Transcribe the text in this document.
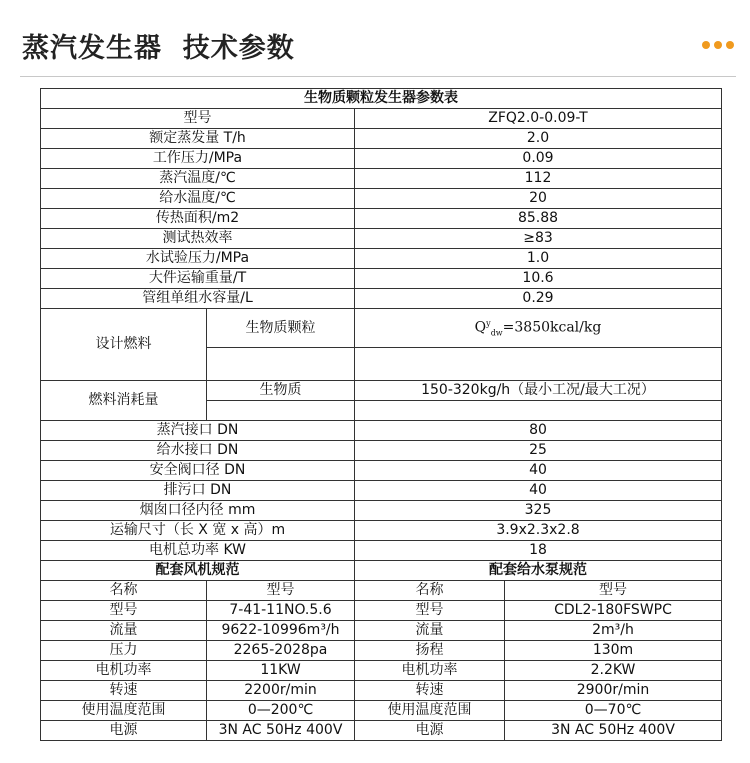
蒸汽发生器  技术参数
生物质颗粒发生器参数表			
型号		ZFQ2.0-0.09-T	
额定蒸发量 T/h		2.0	
工作压力/MPa		0.09	
蒸汽温度/℃		112	
给水温度/℃		20	
传热面积/m2		85.88	
测试热效率		≥83	
水试验压力/MPa		1.0	
大件运输重量/T		10.6	
管组单组水容量/L		0.29	
设计燃料	生物质颗粒	$Q^y_{dw}=3850kcal/kg$	

燃料消耗量	生物质	150-320kg/h（最小工况/最大工况）	

蒸汽接口 DN		80	
给水接口 DN		25	
安全阀口径 DN		40	
排污口 DN		40	
烟囱口径内径 mm		325	
运输尺寸（长 X 宽 x 高）m		3.9x2.3x2.8	
电机总功率 KW		18	
配套风机规范		配套给水泵规范	
名称	型号	名称	型号
型号	7-41-11NO.5.6	型号	CDL2-180FSWPC
流量	9622-10996m³/h	流量	2m³/h
压力	2265-2028pa	扬程	130m
电机功率	11KW	电机功率	2.2KW
转速	2200r/min	转速	2900r/min
使用温度范围	0—200℃	使用温度范围	0—70℃
电源	3N AC 50Hz 400V	电源	3N AC 50Hz 400V
